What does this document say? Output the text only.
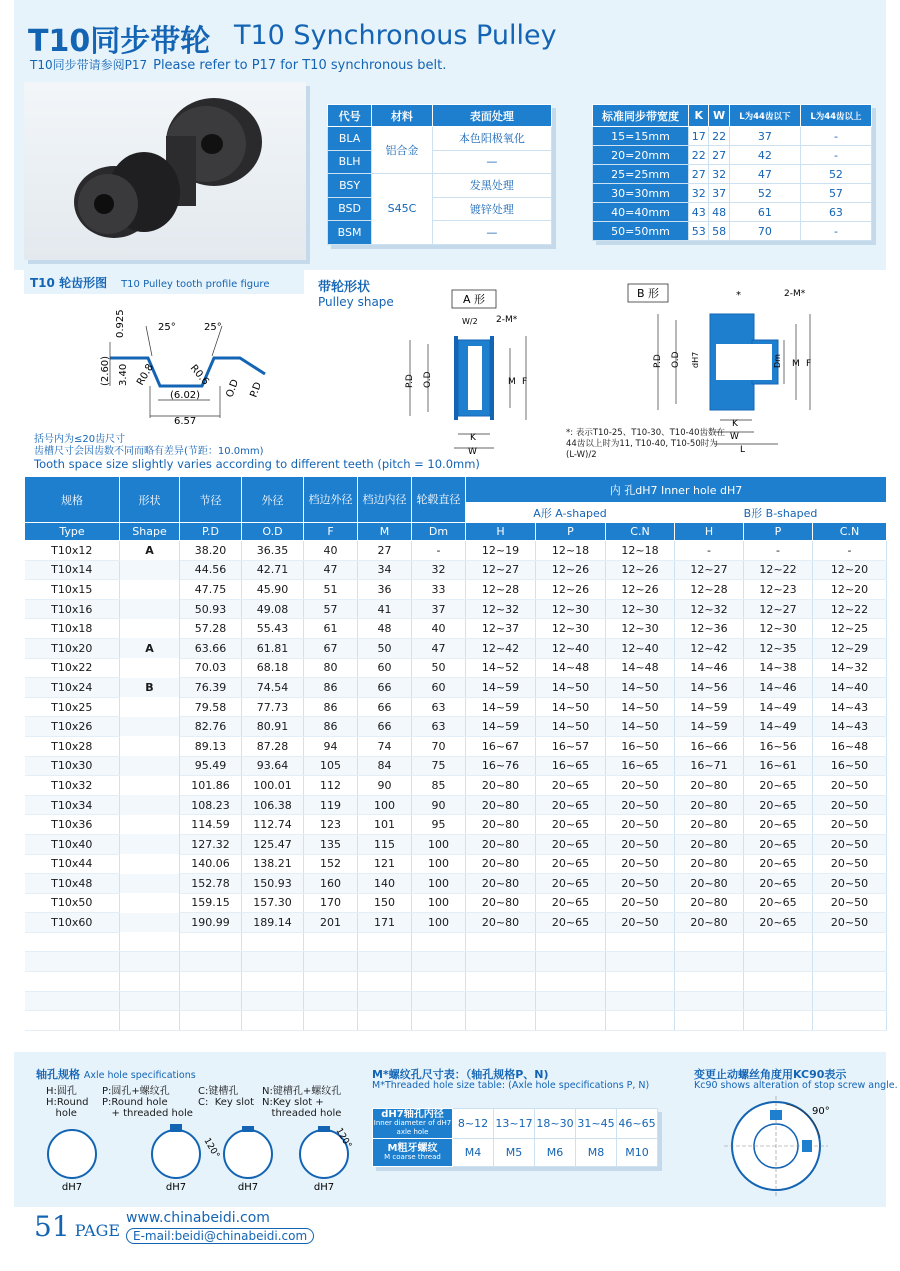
T10同步带轮 T10 Synchronous Pulley
T10同步带请参阅P17 Please refer to P17 for T10 synchronous belt.
代号	材料	表面处理
BLA	铝合金	本色阳极氧化
BLH		—
BSY	S45C	发黑处理
BSD		镀锌处理
BSM		—
标准同步带宽度	K	W	L为44齿以下	L为44齿以上
15=15mm	17	22	37	-
20=20mm	22	27	42	-
25=25mm	27	32	47	52
30=30mm	32	37	52	57
40=40mm	43	48	61	63
50=50mm	53	58	70	-
T10 轮齿形图 T10 Pulley tooth profile figure
0.925	25°	25°
(2.60) 3.40 R0.8	R0.6
O.D P.D
(6.02)
6.57
括号内为≤20齿尺寸
齿槽尺寸会因齿数不同而略有差异(节距：10.0mm)
Tooth space size slightly varies according to different teeth (pitch = 10.0mm)
带轮形状
Pulley shape	A 形
W/2 2-M*
P.D O.D dH7	M F
K
W
B 形	*	2-M*
P.D O.D dH7	Dm M F
K
W
L
*: 表示T10-25、T10-30、T10-40齿数在44齿以上时为11, T10-40, T10-50时为(L-W)/2
规格	形状	节径	外径	档边外径	档边内径	轮毂直径	内 孔dH7 Inner hole dH7					
							A形 A-shaped			B形 B-shaped		
Type	Shape	P.D	O.D	F	M	Dm	H	P	C.N	H	P	C.N
T10x12	A	38.20	36.35	40	27	-	12~19	12~18	12~18	-	-	-
T10x14		44.56	42.71	47	34	32	12~27	12~26	12~26	12~27	12~22	12~20
T10x15		47.75	45.90	51	36	33	12~28	12~26	12~26	12~28	12~23	12~20
T10x16		50.93	49.08	57	41	37	12~32	12~30	12~30	12~32	12~27	12~22
T10x18		57.28	55.43	61	48	40	12~37	12~30	12~30	12~36	12~30	12~25
T10x20	A	63.66	61.81	67	50	47	12~42	12~40	12~40	12~42	12~35	12~29
T10x22		70.03	68.18	80	60	50	14~52	14~48	14~48	14~46	14~38	14~32
T10x24	B	76.39	74.54	86	66	60	14~59	14~50	14~50	14~56	14~46	14~40
T10x25		79.58	77.73	86	66	63	14~59	14~50	14~50	14~59	14~49	14~43
T10x26		82.76	80.91	86	66	63	14~59	14~50	14~50	14~59	14~49	14~43
T10x28		89.13	87.28	94	74	70	16~67	16~57	16~50	16~66	16~56	16~48
T10x30		95.49	93.64	105	84	75	16~76	16~65	16~65	16~71	16~61	16~50
T10x32		101.86	100.01	112	90	85	20~80	20~65	20~50	20~80	20~65	20~50
T10x34		108.23	106.38	119	100	90	20~80	20~65	20~50	20~80	20~65	20~50
T10x36		114.59	112.74	123	101	95	20~80	20~65	20~50	20~80	20~65	20~50
T10x40		127.32	125.47	135	115	100	20~80	20~65	20~50	20~80	20~65	20~50
T10x44		140.06	138.21	152	121	100	20~80	20~65	20~50	20~80	20~65	20~50
T10x48		152.78	150.93	160	140	100	20~80	20~65	20~50	20~80	20~65	20~50
T10x50		159.15	157.30	170	150	100	20~80	20~65	20~50	20~80	20~65	20~50
T10x60		190.99	189.14	201	171	100	20~80	20~65	20~50	20~80	20~65	20~50

轴孔规格 Axle hole specifications
H:圆孔
H:Round
hole
P:圆孔+螺纹孔
P:Round hole
+ threaded hole
C:键槽孔
C:  Key slot
N:键槽孔+螺纹孔
N:Key slot +
threaded hole
dH7	dH7	dH7	dH7
120°	120°
M*螺纹孔尺寸表：（轴孔规格P、N)
M*Threaded hole size table: (Axle hole specifications P, N)
dH7轴孔内径
Inner diameter of dH7 axle hole	8~12	13~17	18~30	31~45	46~65
M粗牙螺纹
M coarse thread	M4	M5	M6	M8	M10
变更止动螺丝角度用KC90表示
Kc90 shows alteration of stop screw angle.
90°
51 PAGE
www.chinabeidi.com
E-mail:beidi@chinabeidi.com
